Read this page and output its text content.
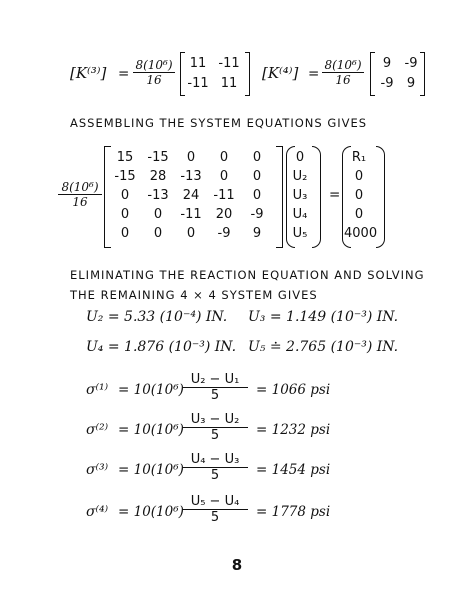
$[K^{(3)}] = \frac{\text{8(10⁶)}}{16}$	11 -11
-11 11
$[K^{(4)}] = \frac{\text{8(10⁶)}}{16}$	9	-9
-9	9
ASSEMBLING THE SYSTEM EQUATIONS GIVES
$\frac{\text{8(10⁶)}}{16}$
15	-15	0	0	0
-15	28	-13	0	0
0	-13	24	-11	0
0	0	-11	20	-9
0	0	0	-9	9
0
U₂
U₃
U₄
U₅
=
R₁
0
0
0
4000
ELIMINATING THE REACTION EQUATION AND SOLVING
THE REMAINING 4 × 4 SYSTEM GIVES
U₂ = 5.33 (10⁻⁴) IN. U₃ = 1.149 (10⁻³) IN.
U₄ = 1.876 (10⁻³) IN. U₅ ≐ 2.765 (10⁻³) IN.
σ⁽¹⁾ = 10(10⁶)
$\frac{\text{U₂ − U₁}}{5} = 1066$ psi
σ⁽²⁾ = 10(10⁶)
$\frac{\text{U₃ − U₂}}{5} = 1232$ psi
σ⁽³⁾ = 10(10⁶)
$\frac{\text{U₄ − U₃}}{5} = 1454$ psi
σ⁽⁴⁾ = 10(10⁶)
$\frac{\text{U₅ − U₄}}{5} = 1778$ psi
8
